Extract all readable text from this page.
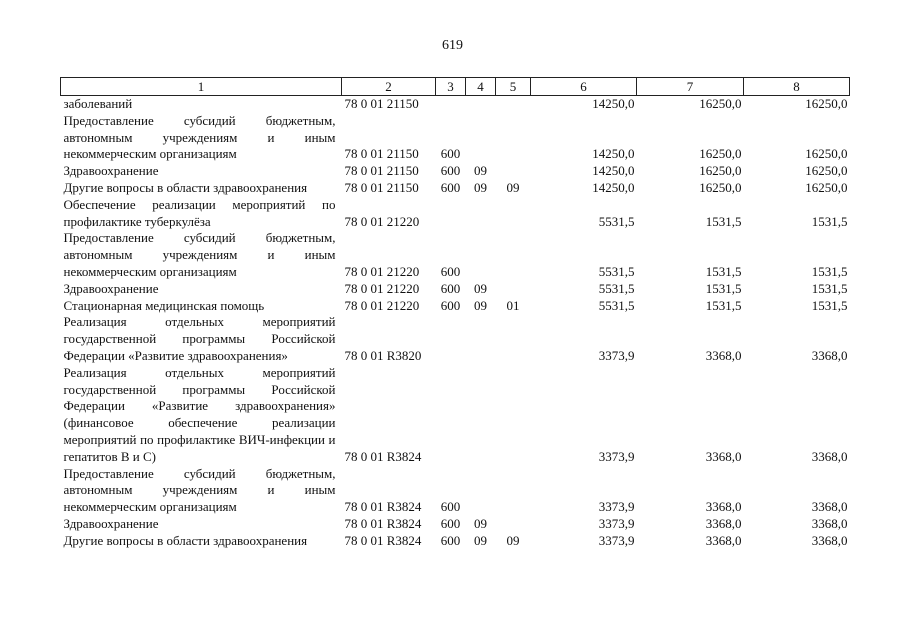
619
1	2	3	4	5	6	7	8
заболеваний	78 0 01 21150				14250,0	16250,0	16250,0
Предоставление субсидий бюджетным, автономным учреждениям и иным некоммерческим организациям	78 0 01 21150	600			14250,0	16250,0	16250,0
Здравоохранение	78 0 01 21150	600	09		14250,0	16250,0	16250,0
Другие вопросы в области здравоохранения	78 0 01 21150	600	09	09	14250,0	16250,0	16250,0
Обеспечение реализации мероприятий по профилактике туберкулёза	78 0 01 21220				5531,5	1531,5	1531,5
Предоставление субсидий бюджетным, автономным учреждениям и иным некоммерческим организациям	78 0 01 21220	600			5531,5	1531,5	1531,5
Здравоохранение	78 0 01 21220	600	09		5531,5	1531,5	1531,5
Стационарная медицинская помощь	78 0 01 21220	600	09	01	5531,5	1531,5	1531,5
Реализация отдельных мероприятий государственной программы Российской Федерации «Развитие здравоохранения»	78 0 01 R3820				3373,9	3368,0	3368,0
Реализация отдельных мероприятий государственной программы Российской Федерации «Развитие здравоохранения» (финансовое обеспечение реализации мероприятий по профилактике ВИЧ-инфекции и гепатитов В и С)	78 0 01 R3824				3373,9	3368,0	3368,0
Предоставление субсидий бюджетным, автономным учреждениям и иным некоммерческим организациям	78 0 01 R3824	600			3373,9	3368,0	3368,0
Здравоохранение	78 0 01 R3824	600	09		3373,9	3368,0	3368,0
Другие вопросы в области здравоохранения	78 0 01 R3824	600	09	09	3373,9	3368,0	3368,0
